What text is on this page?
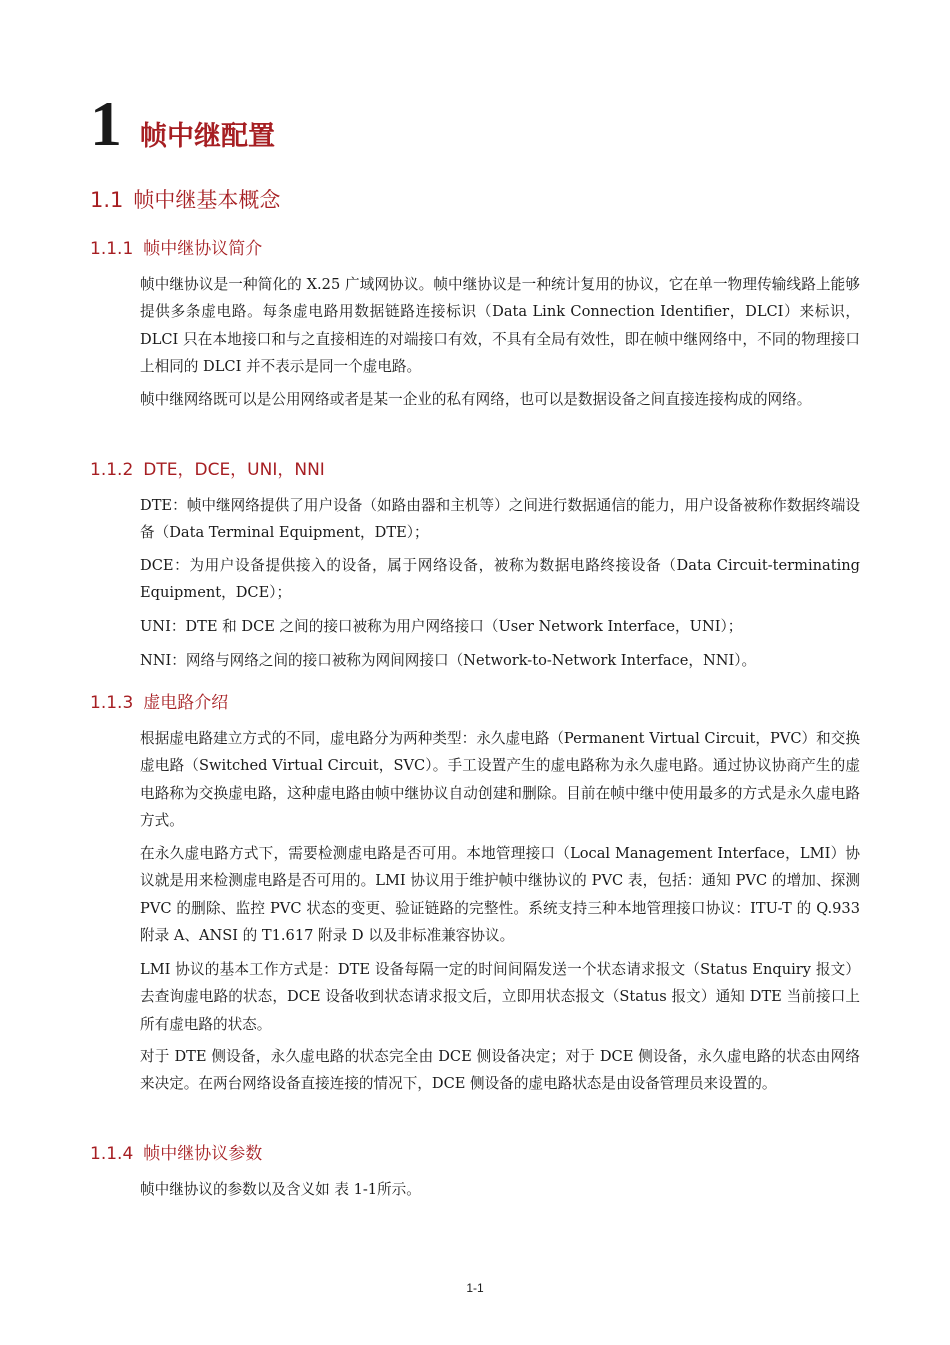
1 帧中继配置
1.1 帧中继基本概念
1.1.1 帧中继协议简介
帧中继协议是一种简化的 X.25 广域网协议。帧中继协议是一种统计复用的协议，它在单一物理传输线路上能够提供多条虚电路。每条虚电路用数据链路连接标识（Data Link Connection Identifier，DLCI）来标识，DLCI 只在本地接口和与之直接相连的对端接口有效，不具有全局有效性，即在帧中继网络中，不同的物理接口上相同的 DLCI 并不表示是同一个虚电路。
帧中继网络既可以是公用网络或者是某一企业的私有网络，也可以是数据设备之间直接连接构成的网络。
1.1.2 DTE，DCE，UNI，NNI
DTE：帧中继网络提供了用户设备（如路由器和主机等）之间进行数据通信的能力，用户设备被称作数据终端设备（Data Terminal Equipment，DTE）；
DCE：为用户设备提供接入的设备，属于网络设备，被称为数据电路终接设备（Data Circuit-terminating Equipment，DCE）；
UNI：DTE 和 DCE 之间的接口被称为用户网络接口（User Network Interface，UNI）；
NNI：网络与网络之间的接口被称为网间网接口（Network-to-Network Interface，NNI）。
1.1.3 虚电路介绍
根据虚电路建立方式的不同，虚电路分为两种类型：永久虚电路（Permanent Virtual Circuit，PVC）和交换虚电路（Switched Virtual Circuit，SVC）。手工设置产生的虚电路称为永久虚电路。通过协议协商产生的虚电路称为交换虚电路，这种虚电路由帧中继协议自动创建和删除。目前在帧中继中使用最多的方式是永久虚电路方式。
在永久虚电路方式下，需要检测虚电路是否可用。本地管理接口（Local Management Interface，LMI）协议就是用来检测虚电路是否可用的。LMI 协议用于维护帧中继协议的 PVC 表，包括：通知 PVC 的增加、探测 PVC 的删除、监控 PVC 状态的变更、验证链路的完整性。系统支持三种本地管理接口协议：ITU-T 的 Q.933 附录 A、ANSI 的 T1.617 附录 D 以及非标准兼容协议。
LMI 协议的基本工作方式是：DTE 设备每隔一定的时间间隔发送一个状态请求报文（Status Enquiry 报文）去查询虚电路的状态，DCE 设备收到状态请求报文后，立即用状态报文（Status 报文）通知 DTE 当前接口上所有虚电路的状态。
对于 DTE 侧设备，永久虚电路的状态完全由 DCE 侧设备决定；对于 DCE 侧设备，永久虚电路的状态由网络来决定。在两台网络设备直接连接的情况下，DCE 侧设备的虚电路状态是由设备管理员来设置的。
1.1.4 帧中继协议参数
帧中继协议的参数以及含义如 表 1-1所示。
1-1
